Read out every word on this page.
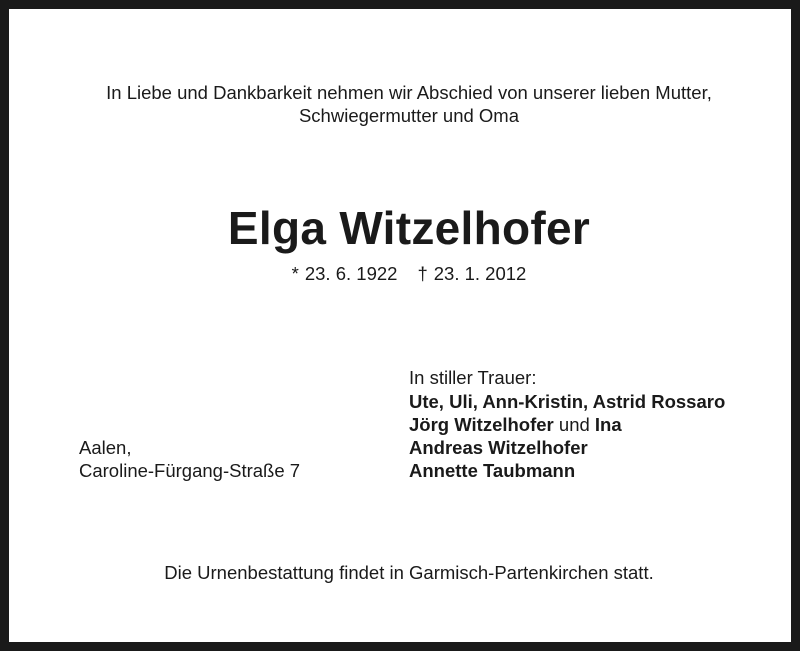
In Liebe und Dankbarkeit nehmen wir Abschied von unserer lieben Mutter,
Schwiegermutter und Oma
Elga Witzelhofer
* 23. 6. 1922 † 23. 1. 2012
In stiller Trauer:
Ute, Uli, Ann-Kristin, Astrid Rossaro
Jörg Witzelhofer und Ina
Andreas Witzelhofer
Annette Taubmann
Aalen,
Caroline-Fürgang-Straße 7
Die Urnenbestattung findet in Garmisch-Partenkirchen statt.
